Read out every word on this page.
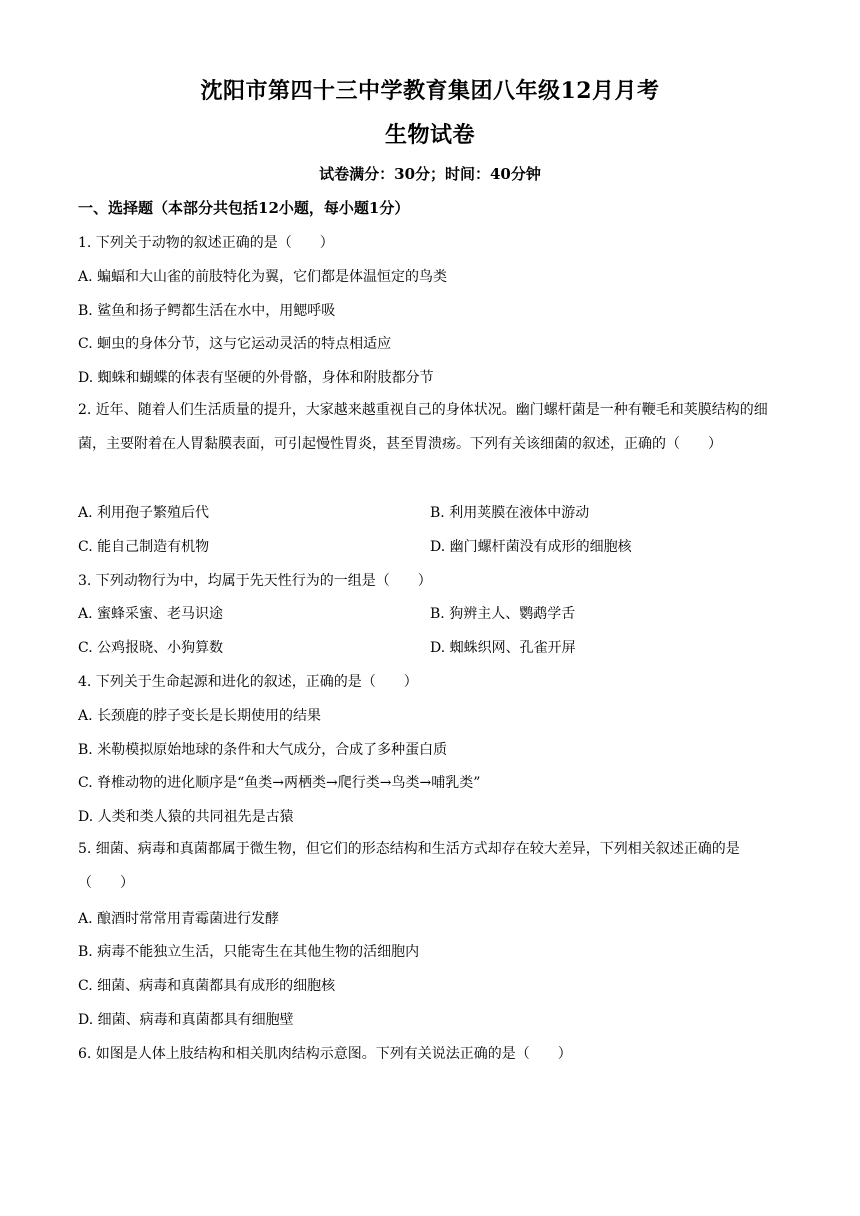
沈阳市第四十三中学教育集团八年级12月月考
生物试卷
试卷满分：30分；时间：40分钟
一、选择题（本部分共包括12小题，每小题1分）
1. 下列关于动物的叙述正确的是（　　）
A. 蝙蝠和大山雀的前肢特化为翼，它们都是体温恒定的鸟类
B. 鲨鱼和扬子鳄都生活在水中，用鳃呼吸
C. 蛔虫的身体分节，这与它运动灵活的特点相适应
D. 蜘蛛和蝴蝶的体表有坚硬的外骨骼，身体和附肢都分节
2. 近年、随着人们生活质量的提升，大家越来越重视自己的身体状况。幽门螺杆菌是一种有鞭毛和荚膜结构的细菌，主要附着在人胃黏膜表面，可引起慢性胃炎，甚至胃溃疡。下列有关该细菌的叙述，正确的（　　）
A. 利用孢子繁殖后代	B. 利用荚膜在液体中游动
C. 能自己制造有机物	D. 幽门螺杆菌没有成形的细胞核
3. 下列动物行为中，均属于先天性行为的一组是（　　）
A. 蜜蜂采蜜、老马识途	B. 狗辨主人、鹦鹉学舌
C. 公鸡报晓、小狗算数	D. 蜘蛛织网、孔雀开屏
4. 下列关于生命起源和进化的叙述，正确的是（　　）
A. 长颈鹿的脖子变长是长期使用的结果
B. 米勒模拟原始地球的条件和大气成分，合成了多种蛋白质
C. 脊椎动物的进化顺序是“鱼类→两栖类→爬行类→鸟类→哺乳类”
D. 人类和类人猿的共同祖先是古猿
5. 细菌、病毒和真菌都属于微生物，但它们的形态结构和生活方式却存在较大差异，下列相关叙述正确的是（　　）
A. 酿酒时常常用青霉菌进行发酵
B. 病毒不能独立生活，只能寄生在其他生物的活细胞内
C. 细菌、病毒和真菌都具有成形的细胞核
D. 细菌、病毒和真菌都具有细胞壁
6. 如图是人体上肢结构和相关肌肉结构示意图。下列有关说法正确的是（　　）
